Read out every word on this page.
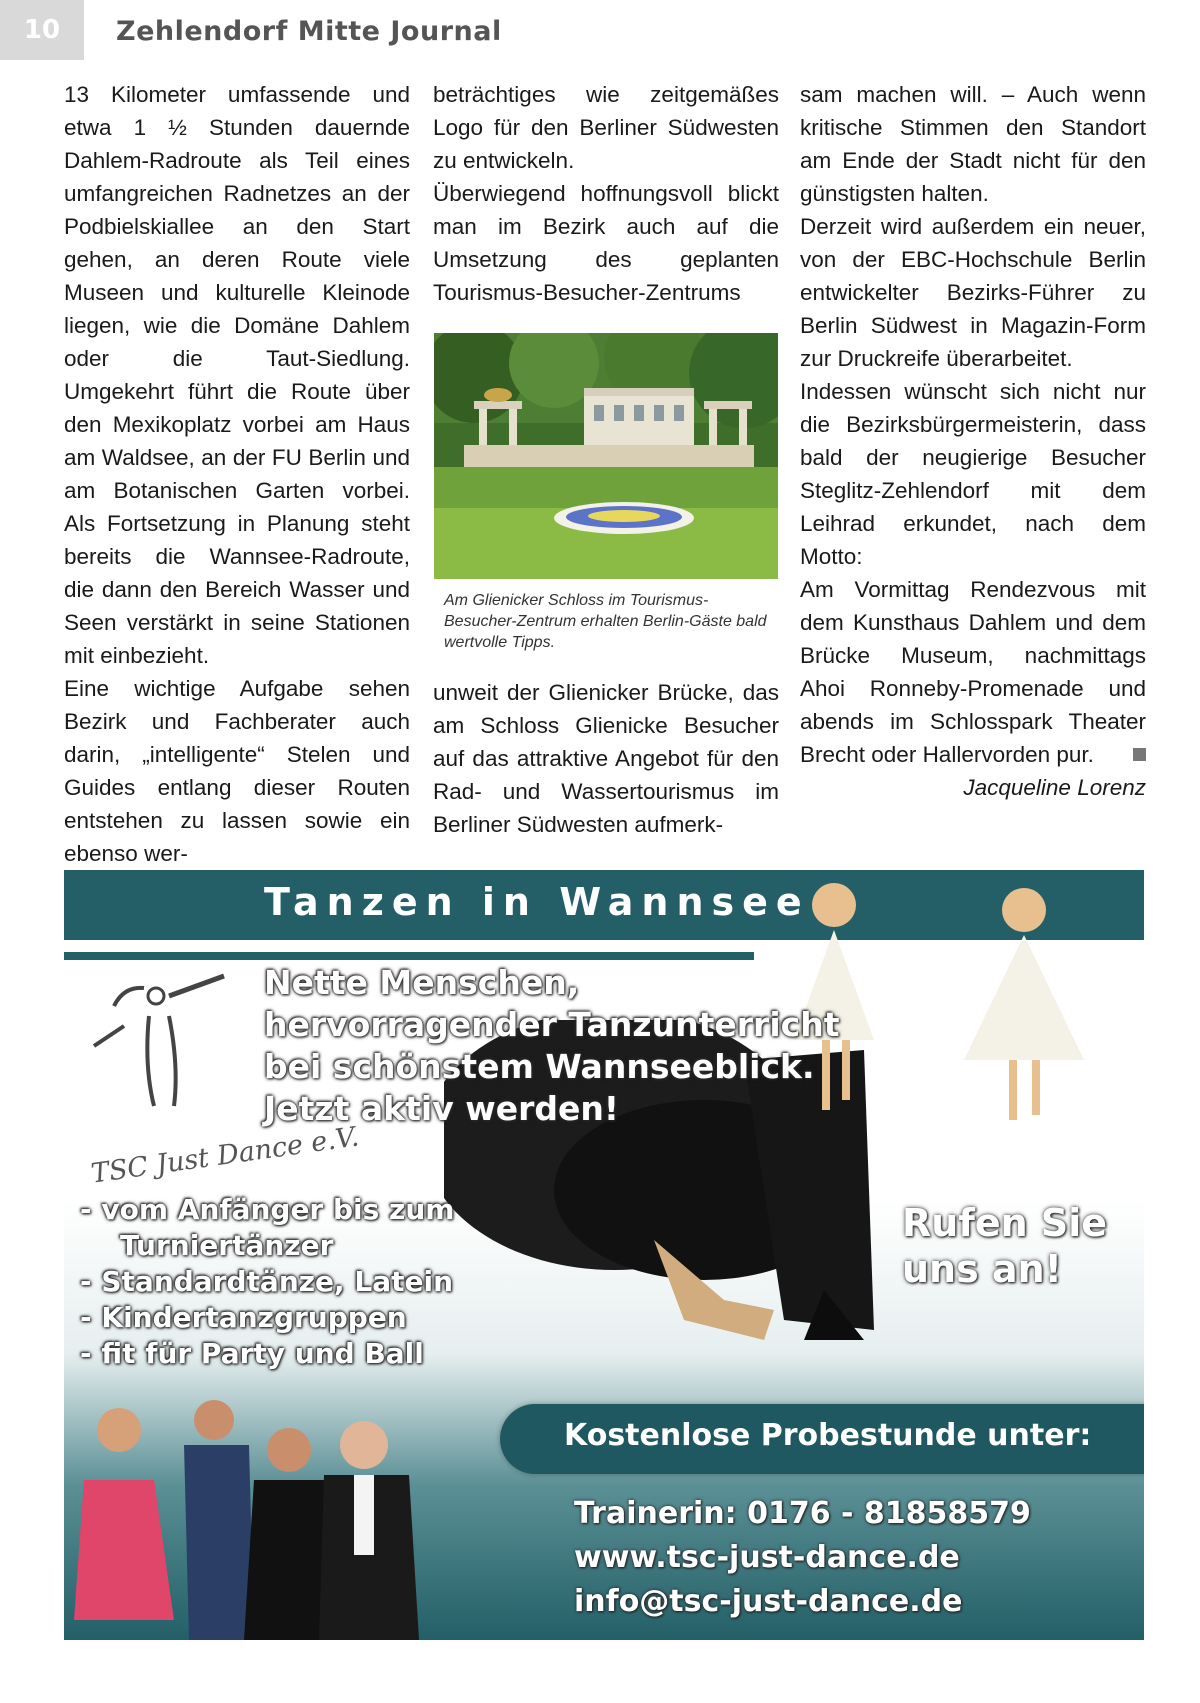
10	Zehlendorf Mitte Journal

13 Kilometer umfassende und etwa 1 ½ Stunden dauernde Dahlem-Radroute als Teil eines umfangreichen Radnetzes an der Podbielskiallee an den Start gehen, an deren Route viele Museen und kulturelle Kleinode liegen, wie die Domäne Dahlem oder die Taut-Siedlung. Umgekehrt führt die Route über den Mexikoplatz vorbei am Haus am Waldsee, an der FU Berlin und am Botanischen Garten vorbei. Als Fortsetzung in Planung steht bereits die Wannsee-Radroute, die dann den Bereich Wasser und Seen verstärkt in seine Stationen mit einbezieht.

Eine wichtige Aufgabe sehen Bezirk und Fachberater auch darin, „intelligente“ Stelen und Guides entlang dieser Routen entstehen zu lassen sowie ein ebenso wer-

beträchtiges wie zeitgemäßes Logo für den Berliner Südwesten zu entwickeln.

Überwiegend hoffnungsvoll blickt man im Bezirk auch auf die Umsetzung des geplanten Tourismus-Besucher-Zentrums

Am Glienicker Schloss im Tourismus-Besucher-Zentrum erhalten Berlin-Gäste bald wertvolle Tipps.

unweit der Glienicker Brücke, das am Schloss Glienicke Besucher auf das attraktive Angebot für den Rad- und Wassertourismus im Berliner Südwesten aufmerk-

sam machen will. – Auch wenn kritische Stimmen den Standort am Ende der Stadt nicht für den günstigsten halten.

Derzeit wird außerdem ein neuer, von der EBC-Hochschule Berlin entwickelter Bezirks-Führer zu Berlin Südwest in Magazin-Form zur Druckreife überarbeitet.

Indessen wünscht sich nicht nur die Bezirksbürgermeisterin, dass bald der neugierige Besucher Steglitz-Zehlendorf mit dem Leihrad erkundet, nach dem Motto:

Am Vormittag Rendezvous mit dem Kunsthaus Dahlem und dem Brücke Museum, nachmittags Ahoi Ronneby-Promenade und abends im Schlosspark Theater Brecht oder Hallervorden pur.

Jacqueline Lorenz

Tanzen in Wannsee
TSC Just Dance e.V.
Nette Menschen, hervorragender Tanzunterricht bei schönstem Wannseeblick. Jetzt aktiv werden!
- vom Anfänger bis zum Turniertänzer
- Standardtänze, Latein
- Kindertanzgruppen
- fit für Party und Ball
Rufen Sie uns an!
Kostenlose Probestunde unter:
Trainerin: 0176 - 81858579
www.tsc-just-dance.de
info@tsc-just-dance.de
